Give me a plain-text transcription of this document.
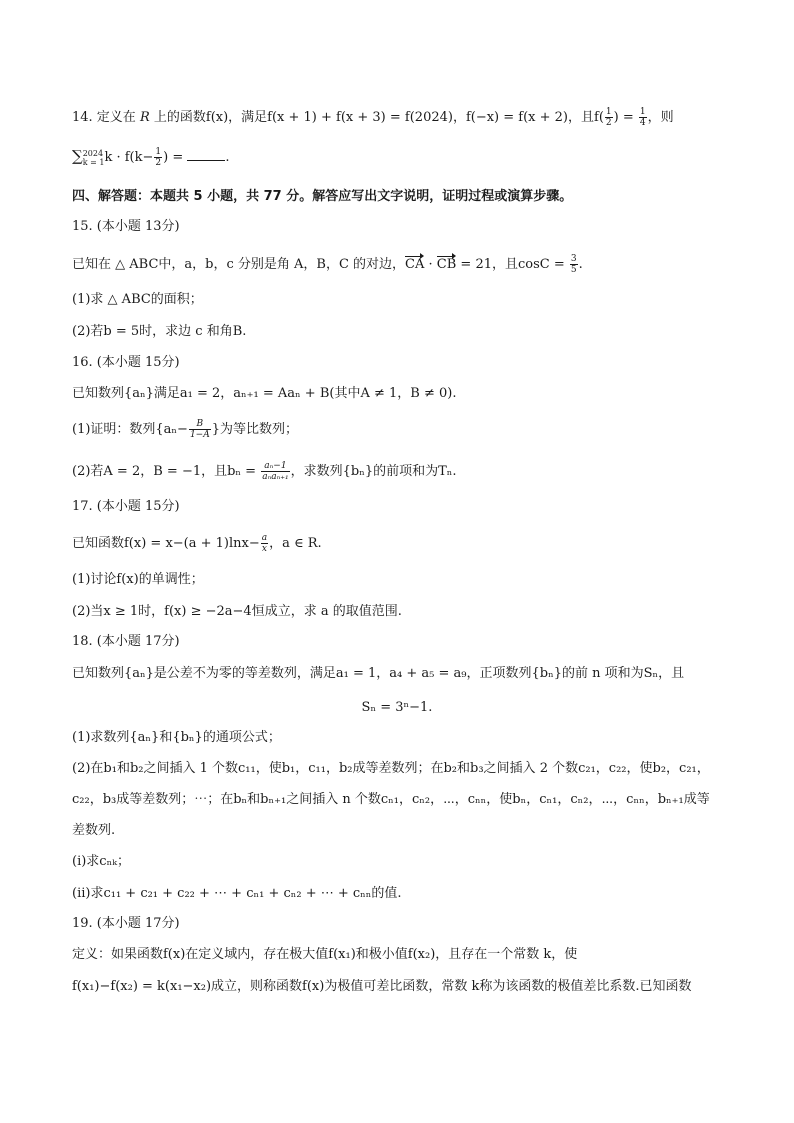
14. 定义在 R 上的函数f(x)，满足f(x + 1) + f(x + 3) = f(2024)，f(−x) = f(x + 2)，且$f( \frac{1}{2}$ ) = $\frac{1}{4}$ ，则
∑ 2024
k = 1 $k \cdot f(k- \frac{1}{2}$ ) =	.
四、解答题：本题共 5 小题，共 77 分。解答应写出文字说明，证明过程或演算步骤。
15. (本小题 13分)
已知在 △ ABC中，a，b，c 分别是角 A，B，C 的对边，CA · CB = 21，且$\cos C = \frac{3}{5}$ .
(1)求 △ ABC的面积；
(2)若b = 5时，求边 c 和角B.
16. (本小题 15分)
已知数列{aₙ}满足a₁ = 2，aₙ₊₁ = Aaₙ + B(其中A ≠ 1，B ≠ 0).
(1)证明：数列{$a_n- \frac{B}{1-A}$ }为等比数列；
(2)若A = 2，B = −1，且$b_n = \frac{\text{aₙ−1}}{\text{aₙaₙ₊₁}}$ ，求数列{bₙ}的前项和为Tₙ.
17. (本小题 15分)
已知函数$f(x) = x-(a + 1)\ln x- \frac{a}{x}$ ，a ∈ R.
(1)讨论f(x)的单调性；
(2)当x ≥ 1时，f(x) ≥ −2a−4恒成立，求 a 的取值范围.
18. (本小题 17分)
已知数列{aₙ}是公差不为零的等差数列，满足a₁ = 1，a₄ + a₅ = a₉，正项数列{bₙ}的前 n 项和为Sₙ，且
Sₙ = 3ⁿ−1.
(1)求数列{aₙ}和{bₙ}的通项公式；
(2)在b₁和b₂之间插入 1 个数c₁₁，使b₁，c₁₁，b₂成等差数列；在b₂和b₃之间插入 2 个数c₂₁，c₂₂，使b₂，c₂₁，
c₂₂，b₃成等差数列；⋯；在bₙ和bₙ₊₁之间插入 n 个数cₙ₁，cₙ₂，⋯，cₙₙ，使bₙ，cₙ₁，cₙ₂，⋯，cₙₙ，bₙ₊₁成等
差数列.
(ⅰ)求cₙₖ；
(ⅱ)求c₁₁ + c₂₁ + c₂₂ + ⋯ + cₙ₁ + cₙ₂ + ⋯ + cₙₙ的值.
19. (本小题 17分)
定义：如果函数f(x)在定义域内，存在极大值f(x₁)和极小值f(x₂)，且存在一个常数 k，使
f(x₁)−f(x₂) = k(x₁−x₂)成立，则称函数f(x)为极值可差比函数，常数 k称为该函数的极值差比系数.已知函数
